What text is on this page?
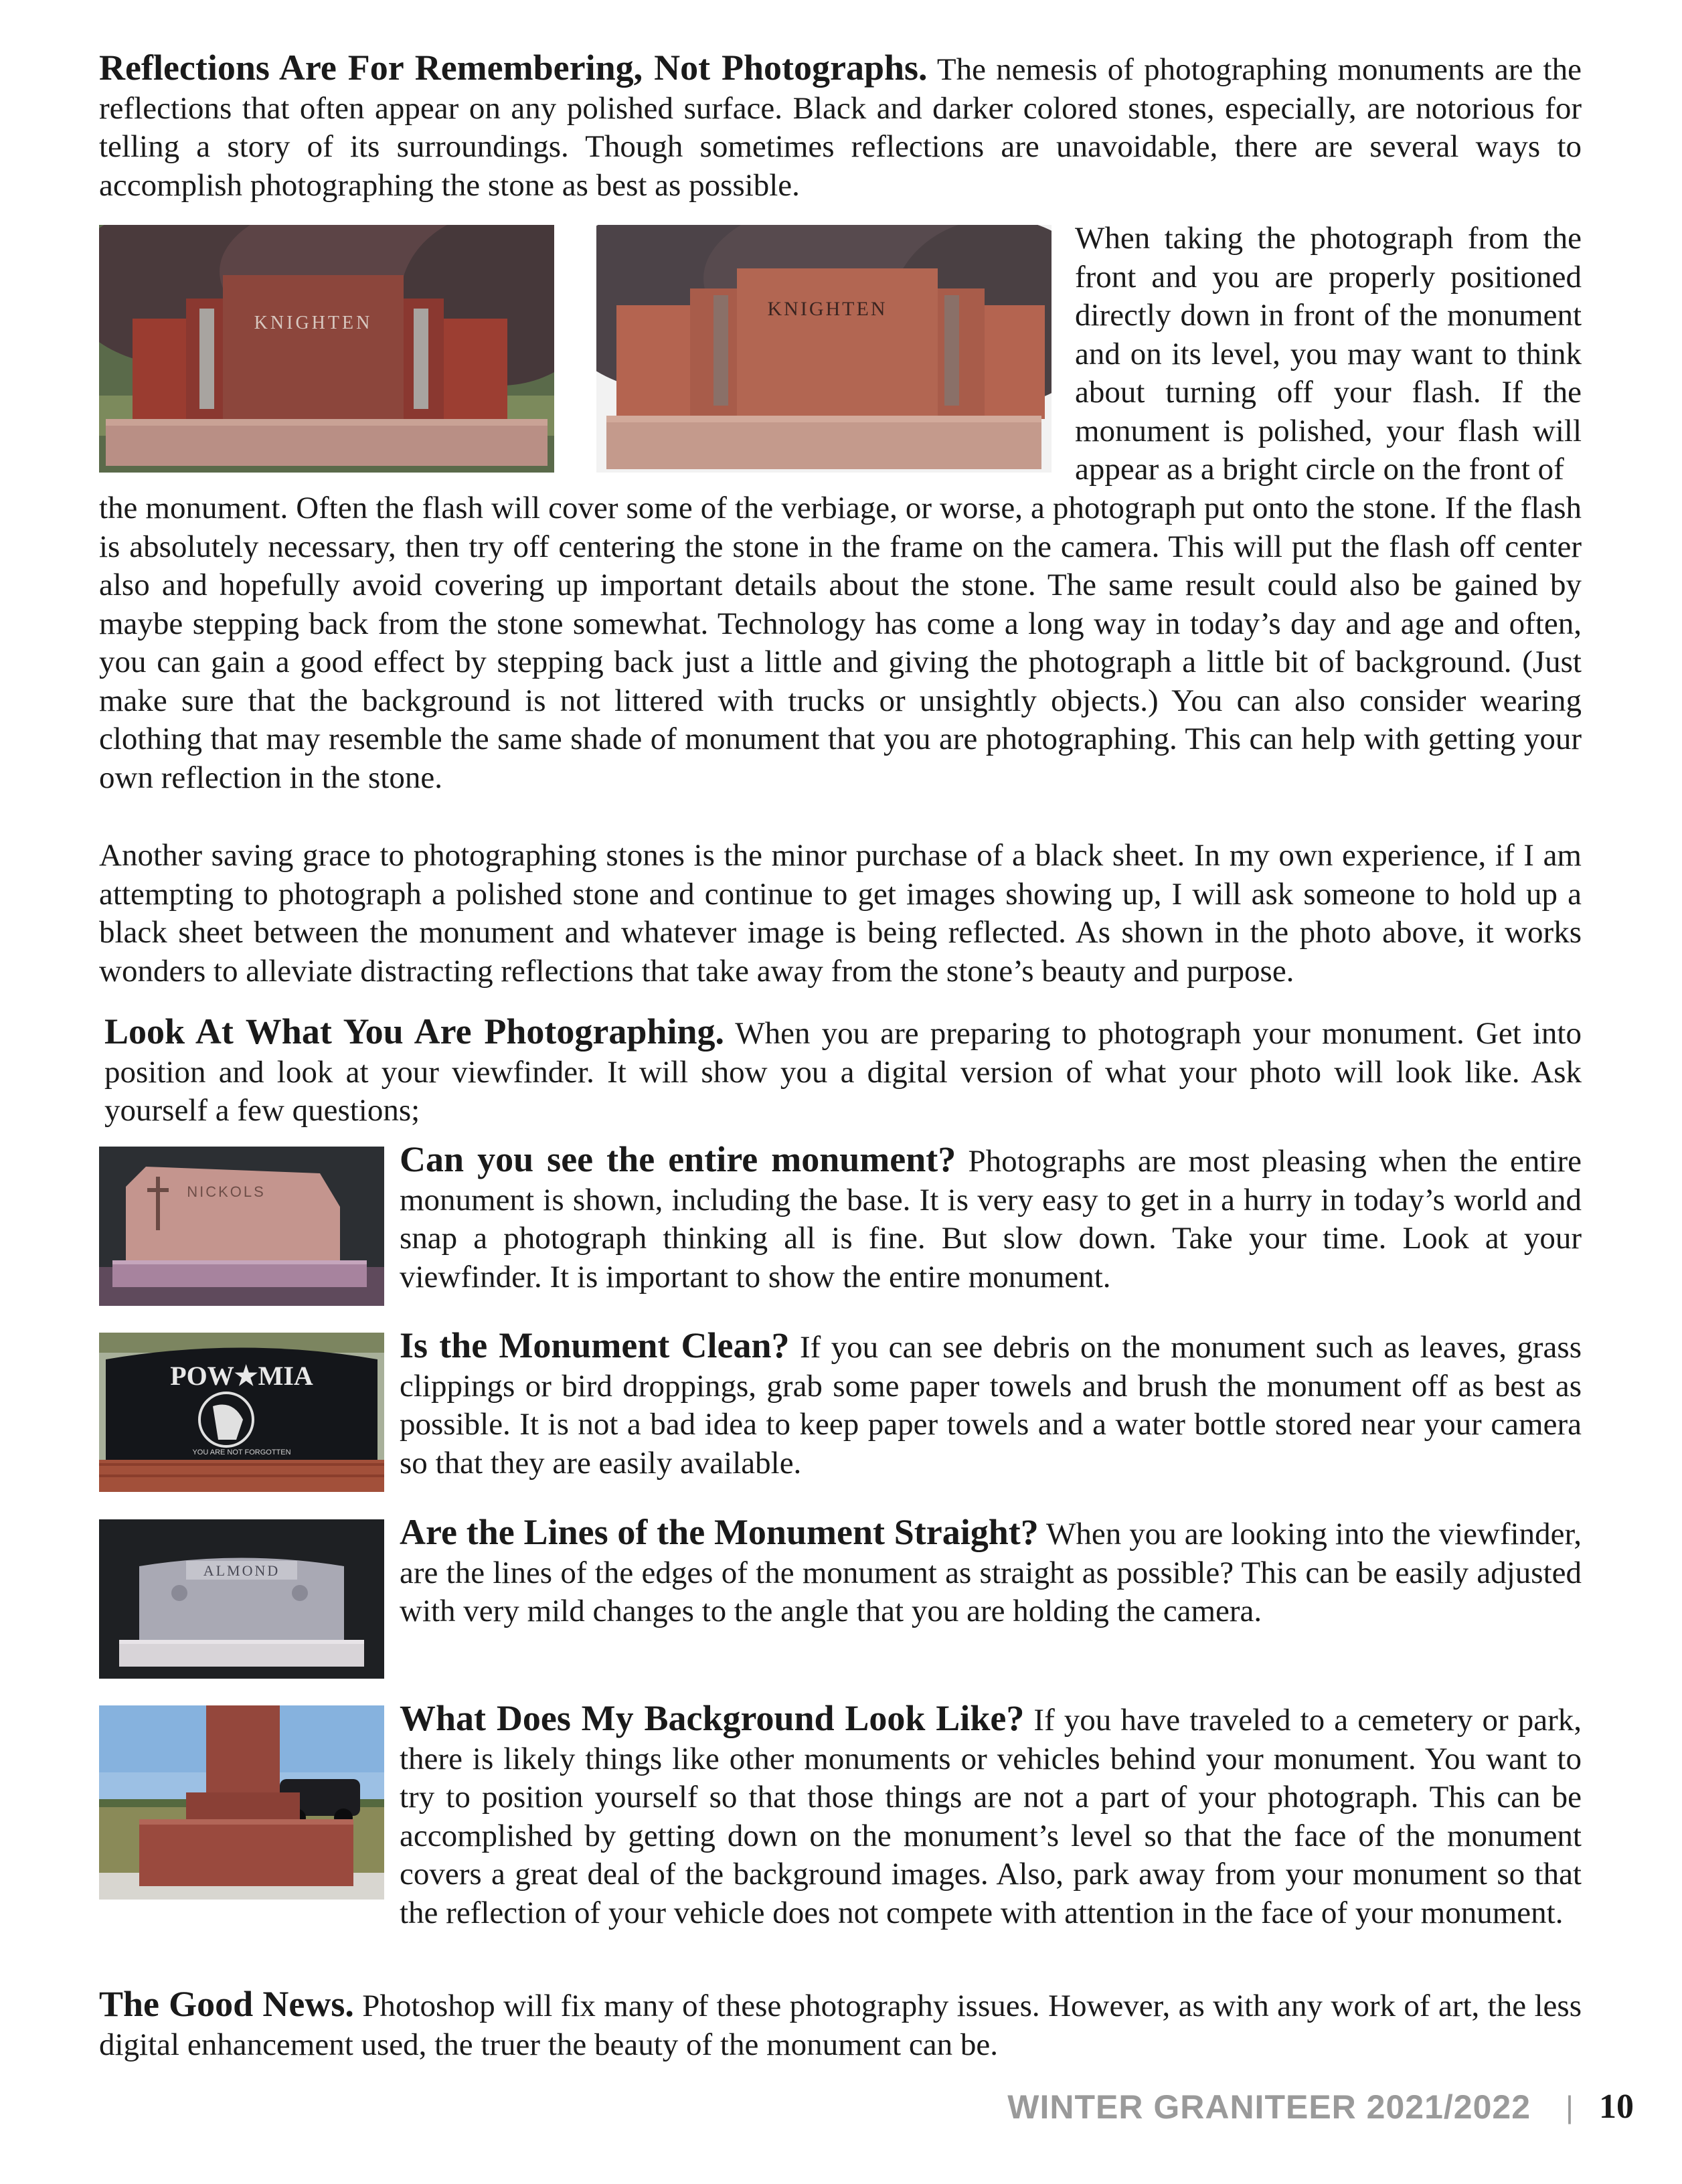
Reflections Are For Remembering, Not Photographs. The nemesis of photographing monuments are the reflections that often appear on any polished surface. Black and darker colored stones, especially, are notorious for telling a story of its surroundings. Though sometimes reflections are unavoidable, there are several ways to accomplish photographing the stone as best as possible.

KNIGHTEN
KNIGHTEN

When taking the photograph from the front and you are properly positioned directly down in front of the monument and on its level, you may want to think about turning off your flash. If the monument is polished, your flash will appear as a bright circle on the front of

the monument. Often the flash will cover some of the verbiage, or worse, a photograph put onto the stone. If the flash is absolutely necessary, then try off centering the stone in the frame on the camera. This will put the flash off center also and hopefully avoid covering up important details about the stone. The same result could also be gained by maybe stepping back from the stone somewhat. Technology has come a long way in today’s day and age and often, you can gain a good effect by stepping back just a little and giving the photograph a little bit of background. (Just make sure that the background is not littered with trucks or unsightly objects.) You can also consider wearing clothing that may resemble the same shade of monument that you are photographing. This can help with getting your own reflection in the stone.

Another saving grace to photographing stones is the minor purchase of a black sheet. In my own experience, if I am attempting to photograph a polished stone and continue to get images showing up, I will ask someone to hold up a black sheet between the monument and whatever image is being reflected. As shown in the photo above, it works wonders to alleviate distracting reflections that take away from the stone’s beauty and purpose.

Look At What You Are Photographing. When you are preparing to photograph your monument. Get into position and look at your viewfinder. It will show you a digital version of what your photo will look like. Ask yourself a few questions;

NICKOLS

Can you see the entire monument? Photographs are most pleasing when the entire monument is shown, including the base. It is very easy to get in a hurry in today’s world and snap a photograph thinking all is fine. But slow down. Take your time. Look at your viewfinder. It is important to show the entire monument.

POW★MIA
YOU ARE NOT FORGOTTEN

Is the Monument Clean? If you can see debris on the monument such as leaves, grass clippings or bird droppings, grab some paper towels and brush the monument off as best as possible. It is not a bad idea to keep paper towels and a water bottle stored near your camera so that they are easily available.

ALMOND

Are the Lines of the Monument Straight? When you are looking into the viewfinder, are the lines of the edges of the monument as straight as possible? This can be easily adjusted with very mild changes to the angle that you are holding the camera.

What Does My Background Look Like? If you have traveled to a cemetery or park, there is likely things like other monuments or vehicles behind your monument. You want to try to position yourself so that those things are not a part of your photograph. This can be accomplished by getting down on the monument’s level so that the face of the monument covers a great deal of the background images. Also, park away from your monument so that the reflection of your vehicle does not compete with attention in the face of your monument.

The Good News. Photoshop will fix many of these photography issues. However, as with any work of art, the less digital enhancement used, the truer the beauty of the monument can be.

WINTER GRANITEER 2021/2022 | 10
